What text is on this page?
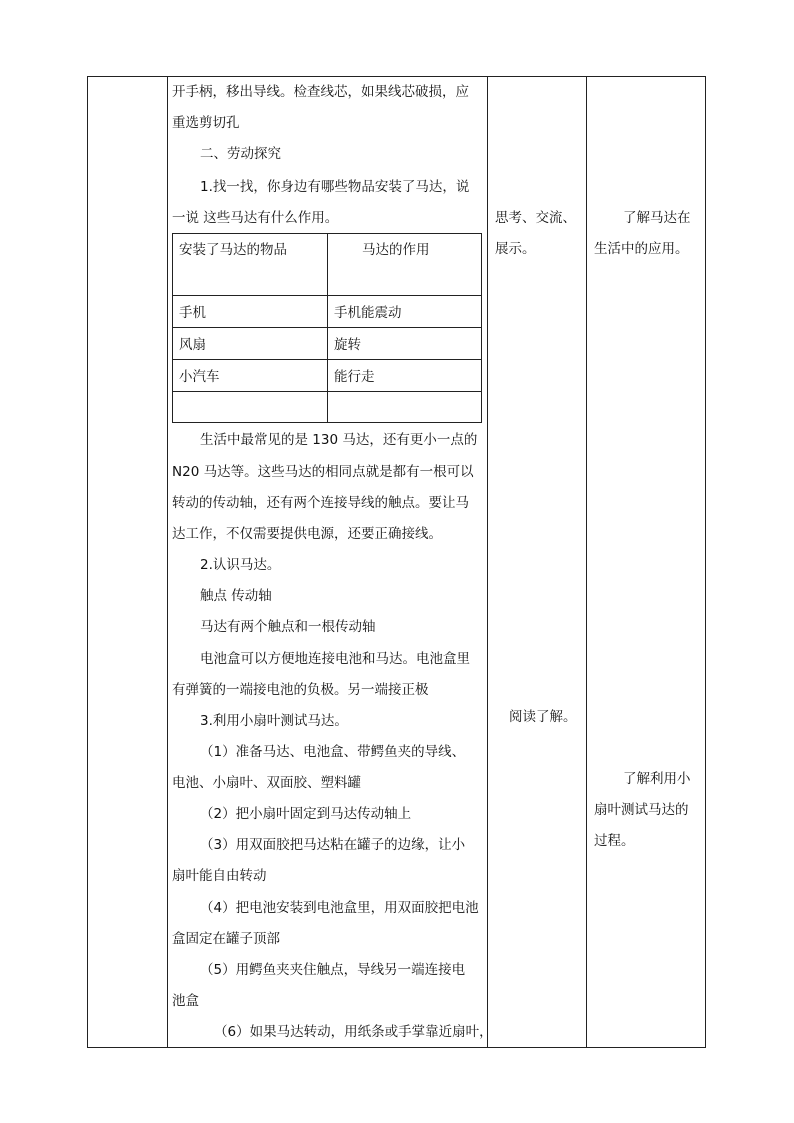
开手柄，移出导线。检查线芯，如果线芯破损，应
重选剪切孔
二、劳动探究
1.找一找，你身边有哪些物品安装了马达，说
一说 这些马达有什么作用。
安装了马达的物品	马达的作用
手机	手机能震动
风扇	旋转
小汽车	能行走
生活中最常见的是 130 马达，还有更小一点的
N20 马达等。这些马达的相同点就是都有一根可以
转动的传动轴，还有两个连接导线的触点。要让马
达工作，不仅需要提供电源，还要正确接线。
2.认识马达。
触点 传动轴
马达有两个触点和一根传动轴
电池盒可以方便地连接电池和马达。电池盒里
有弹簧的一端接电池的负极。另一端接正极
3.利用小扇叶测试马达。
（1）准备马达、电池盒、带鳄鱼夹的导线、
电池、小扇叶、双面胶、塑料罐
（2）把小扇叶固定到马达传动轴上
（3）用双面胶把马达粘在罐子的边缘，让小
扇叶能自由转动
（4）把电池安装到电池盒里，用双面胶把电池
盒固定在罐子顶部
（5）用鳄鱼夹夹住触点，导线另一端连接电
池盒
（6）如果马达转动，用纸条或手掌靠近扇叶，
思考、交流、
展示。
阅读了解。
了解马达在
生活中的应用。
了解利用小
扇叶测试马达的
过程。
